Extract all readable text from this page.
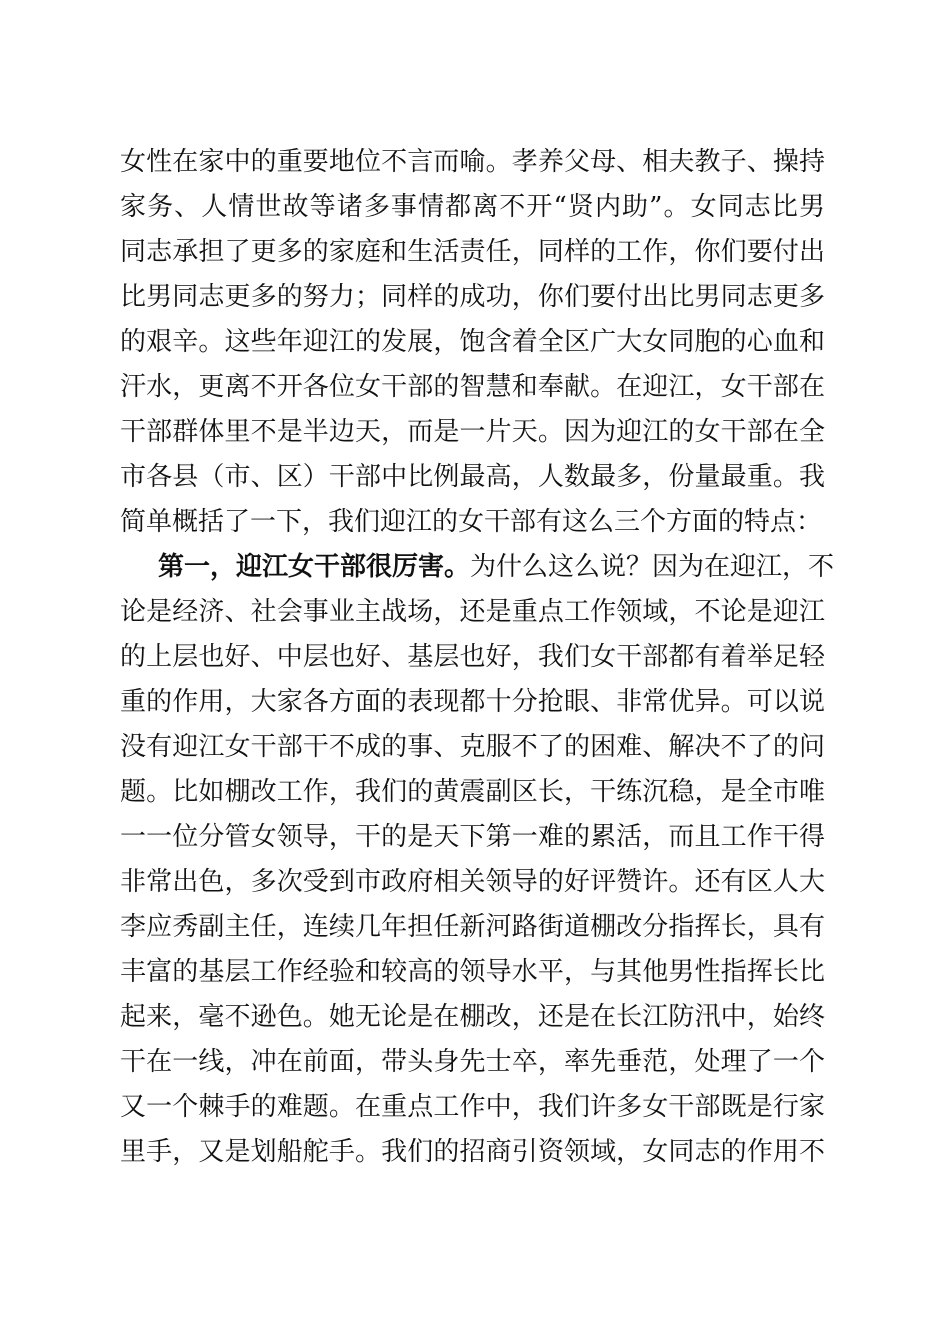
女性在家中的重要地位不言而喻。孝养父母、相夫教子、操持
家务、人情世故等诸多事情都离不开“贤内助”。女同志比男
同志承担了更多的家庭和生活责任，同样的工作，你们要付出
比男同志更多的努力；同样的成功，你们要付出比男同志更多
的艰辛。这些年迎江的发展，饱含着全区广大女同胞的心血和
汗水，更离不开各位女干部的智慧和奉献。在迎江，女干部在
干部群体里不是半边天，而是一片天。因为迎江的女干部在全
市各县（市、区）干部中比例最高，人数最多，份量最重。我
简单概括了一下，我们迎江的女干部有这么三个方面的特点：
第一，迎江女干部很厉害。为什么这么说？因为在迎江，不
论是经济、社会事业主战场，还是重点工作领域，不论是迎江
的上层也好、中层也好、基层也好，我们女干部都有着举足轻
重的作用，大家各方面的表现都十分抢眼、非常优异。可以说
没有迎江女干部干不成的事、克服不了的困难、解决不了的问
题。比如棚改工作，我们的黄震副区长，干练沉稳，是全市唯
一一位分管女领导，干的是天下第一难的累活，而且工作干得
非常出色，多次受到市政府相关领导的好评赞许。还有区人大
李应秀副主任，连续几年担任新河路街道棚改分指挥长，具有
丰富的基层工作经验和较高的领导水平，与其他男性指挥长比
起来，毫不逊色。她无论是在棚改，还是在长江防汛中，始终
干在一线，冲在前面，带头身先士卒，率先垂范，处理了一个
又一个棘手的难题。在重点工作中，我们许多女干部既是行家
里手，又是划船舵手。我们的招商引资领域，女同志的作用不
